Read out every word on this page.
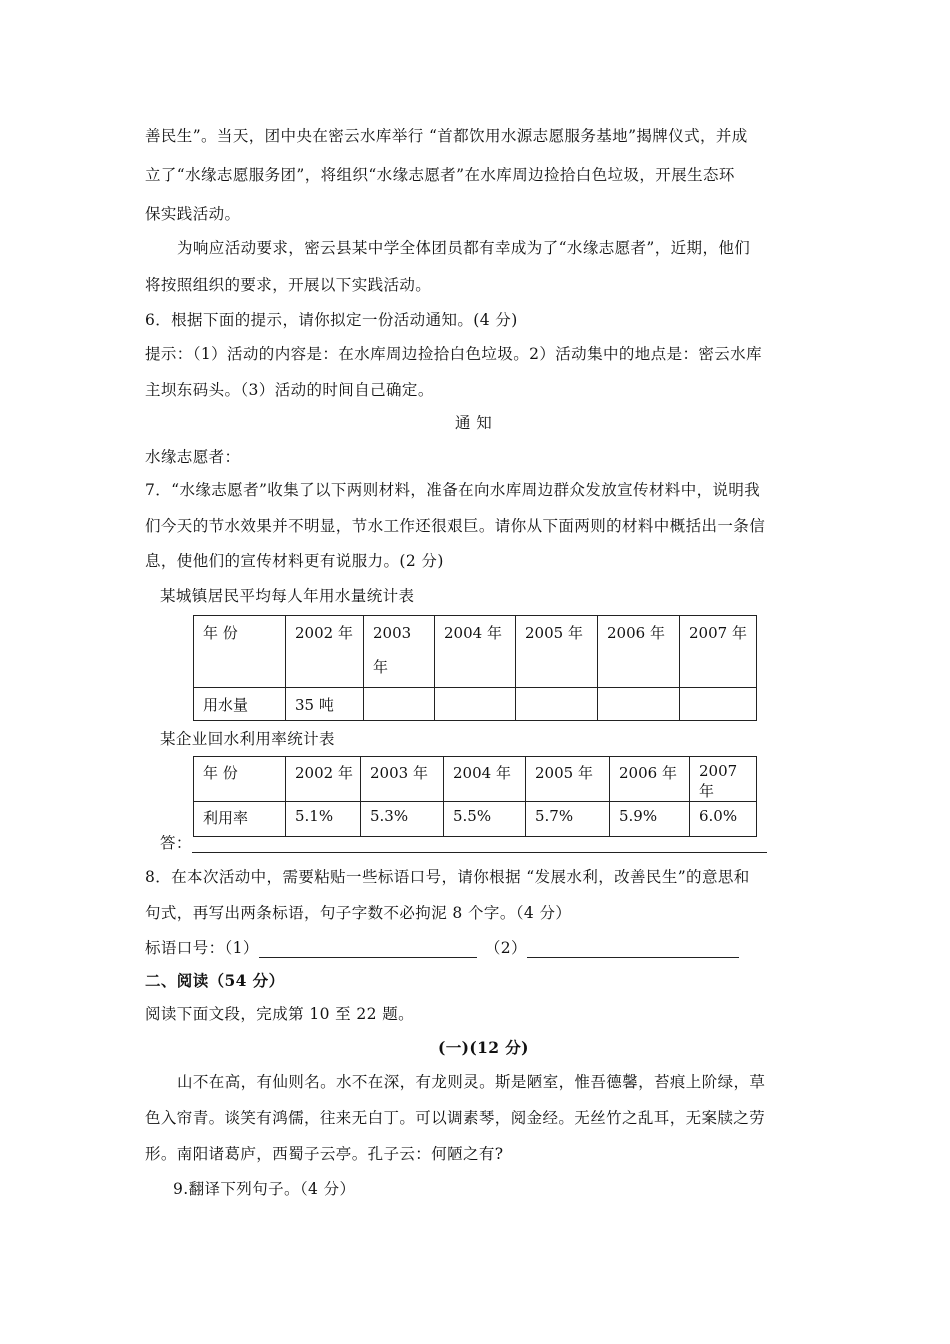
善民生”。当天，团中央在密云水库举行 “首都饮用水源志愿服务基地”揭牌仪式，并成
立了“水缘志愿服务团”，将组织“水缘志愿者”在水库周边捡拾白色垃圾，开展生态环
保实践活动。
为响应活动要求，密云县某中学全体团员都有幸成为了“水缘志愿者”，近期，他们
将按照组织的要求，开展以下实践活动。
6．根据下面的提示，请你拟定一份活动通知。(4 分)
提示：（1）活动的内容是：在水库周边捡拾白色垃圾。2）活动集中的地点是：密云水库
主坝东码头。（3）活动的时间自己确定。
通 知
水缘志愿者：
7．“水缘志愿者”收集了以下两则材料，准备在向水库周边群众发放宣传材料中，说明我
们今天的节水效果并不明显，节水工作还很艰巨。请你从下面两则的材料中概括出一条信
息，使他们的宣传材料更有说服力。(2 分)
某城镇居民平均每人年用水量统计表
年 份	2002 年	2003
年	2004 年	2005 年	2006 年	2007 年
用水量	35 吨					
某企业回水利用率统计表
年 份	2002 年	2003 年	2004 年	2005 年	2006 年	2007 年
利用率	5.1%	5.3%	5.5%	5.7%	5.9%	6.0%
答：
8．在本次活动中，需要粘贴一些标语口号，请你根据 “发展水利，改善民生”的意思和
句式，再写出两条标语，句子字数不必拘泥 8 个字。（4 分）
标语口号：（1）	（2）
二、阅读（54 分）
阅读下面文段，完成第 10 至 22 题。
(一)(12 分)
山不在高，有仙则名。水不在深，有龙则灵。斯是陋室，惟吾德馨，苔痕上阶绿，草
色入帘青。谈笑有鸿儒，往来无白丁。可以调素琴，阅金经。无丝竹之乱耳，无案牍之劳
形。南阳诸葛庐，西蜀子云亭。孔子云：何陋之有?
9.翻译下列句子。（4 分）
